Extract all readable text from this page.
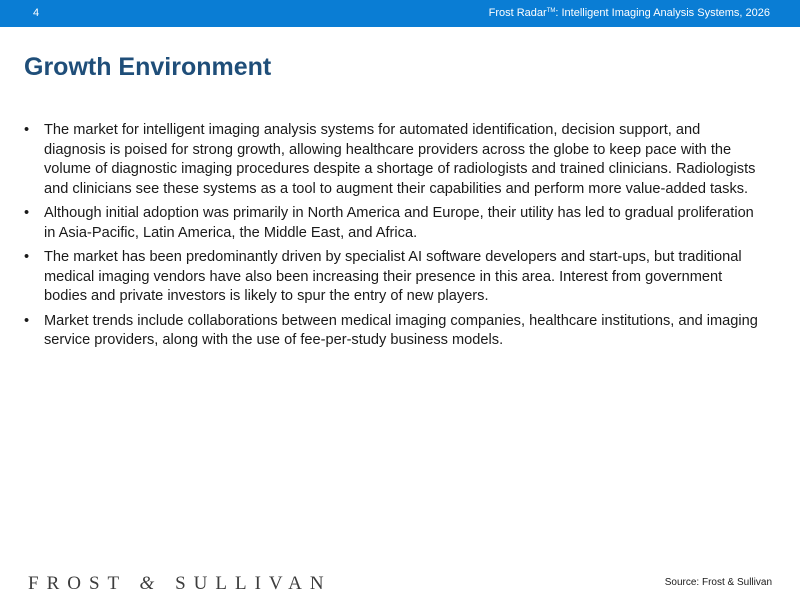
4	Frost Radar™: Intelligent Imaging Analysis Systems, 2026
Growth Environment
• The market for intelligent imaging analysis systems for automated identification, decision support, and diagnosis is poised for strong growth, allowing healthcare providers across the globe to keep pace with the volume of diagnostic imaging procedures despite a shortage of radiologists and trained clinicians. Radiologists and clinicians see these systems as a tool to augment their capabilities and perform more value-added tasks.
• Although initial adoption was primarily in North America and Europe, their utility has led to gradual proliferation in Asia-Pacific, Latin America, the Middle East, and Africa.
• The market has been predominantly driven by specialist AI software developers and start-ups, but traditional medical imaging vendors have also been increasing their presence in this area. Interest from government bodies and private investors is likely to spur the entry of new players.
• Market trends include collaborations between medical imaging companies, healthcare institutions, and imaging service providers, along with the use of fee-per-study business models.
FROST & SULLIVAN	Source: Frost & Sullivan
